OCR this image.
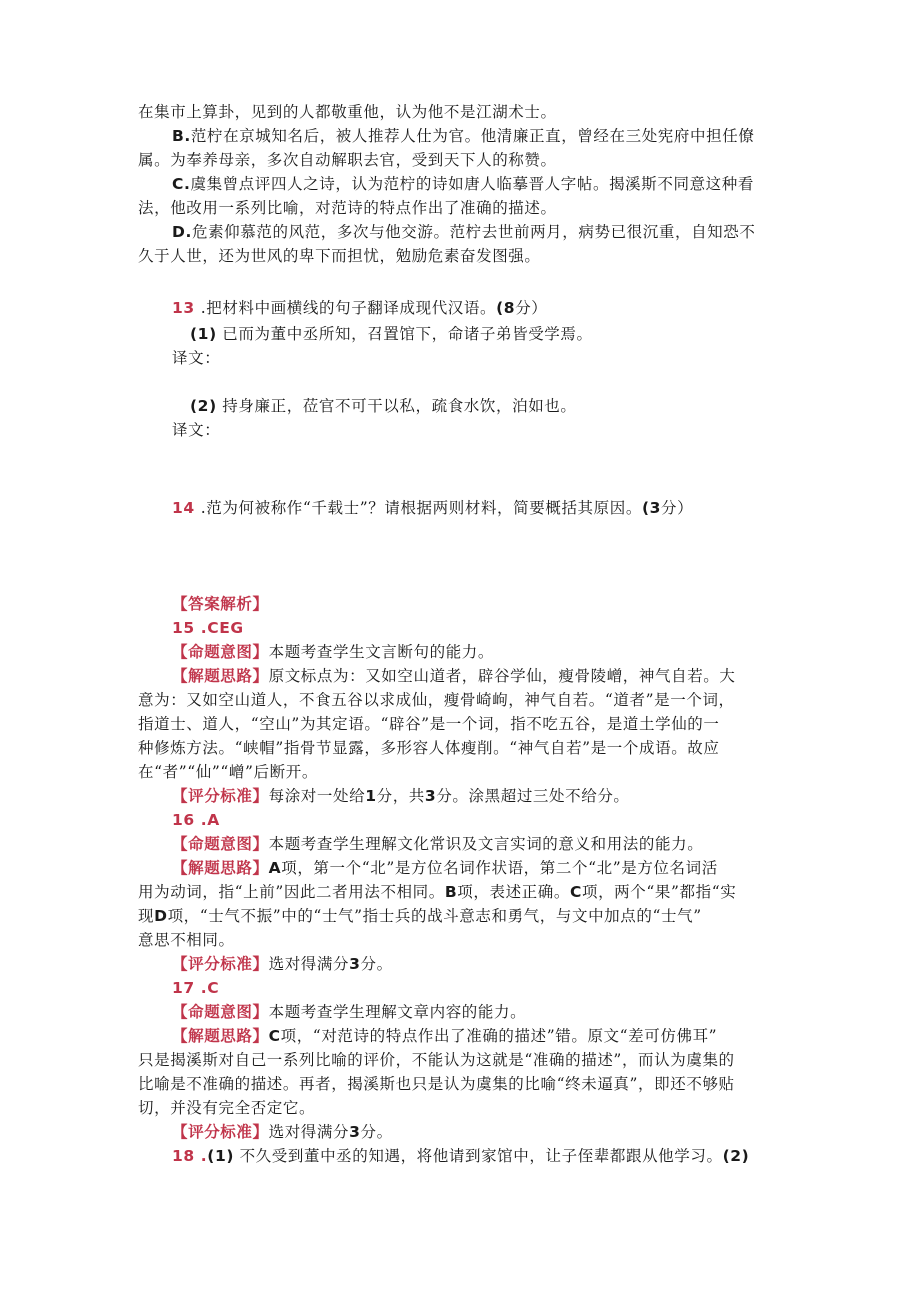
在集市上算卦，见到的人都敬重他，认为他不是江湖术士。
B.范柠在京城知名后，被人推荐人仕为官。他清廉正直，曾经在三处宪府中担任僚
属。为奉养母亲，多次自动解职去官，受到天下人的称赞。
C.虞集曾点评四人之诗，认为范柠的诗如唐人临摹晋人字帖。揭溪斯不同意这种看
法，他改用一系列比喻，对范诗的特点作出了准确的描述。
D.危素仰慕范的风范，多次与他交游。范柠去世前两月，病势已很沉重，自知恐不
久于人世，还为世风的卑下而担忧，勉励危素奋发图强。
13 .把材料中画横线的句子翻译成现代汉语。(8分）
(1) 已而为董中丞所知，召置馆下，命诸子弟皆受学焉。
译文：
(2) 持身廉正，莅官不可干以私，疏食水饮，泊如也。
译文：
14 .范为何被称作“千载士”？请根据两则材料，简要概括其原因。(3分）
【答案解析】
15 .CEG
【命题意图】本题考查学生文言断句的能力。
【解题思路】原文标点为：又如空山道者，辟谷学仙，瘦骨陵嶒，神气自若。大
意为：又如空山道人，不食五谷以求成仙，瘦骨崎岣，神气自若。“道者”是一个词，
指道士、道人，“空山”为其定语。“辟谷”是一个词，指不吃五谷，是道土学仙的一
种修炼方法。“峡帽”指骨节显露，多形容人体瘦削。“神气自若”是一个成语。故应
在“者”“仙”“嶒”后断开。
【评分标准】每涂对一处给1分，共3分。涂黑超过三处不给分。
16 .A
【命题意图】本题考查学生理解文化常识及文言实词的意义和用法的能力。
【解题思路】A项，第一个“北”是方位名词作状语，第二个“北”是方位名词活
用为动词，指“上前”因此二者用法不相同。B项，表述正确。C项，两个“果”都指“实
现D项，“士气不振”中的“士气”指士兵的战斗意志和勇气，与文中加点的“士气”
意思不相同。
【评分标准】选对得满分3分。
17 .C
【命题意图】本题考查学生理解文章内容的能力。
【解题思路】C项，“对范诗的特点作出了准确的描述”错。原文“差可仿佛耳”
只是揭溪斯对自己一系列比喻的评价，不能认为这就是“准确的描述”，而认为虞集的
比喻是不准确的描述。再者，揭溪斯也只是认为虞集的比喻“终未逼真”，即还不够贴
切，并没有完全否定它。
【评分标准】选对得满分3分。
18 .(1) 不久受到董中丞的知遇，将他请到家馆中，让子侄辈都跟从他学习。(2)
